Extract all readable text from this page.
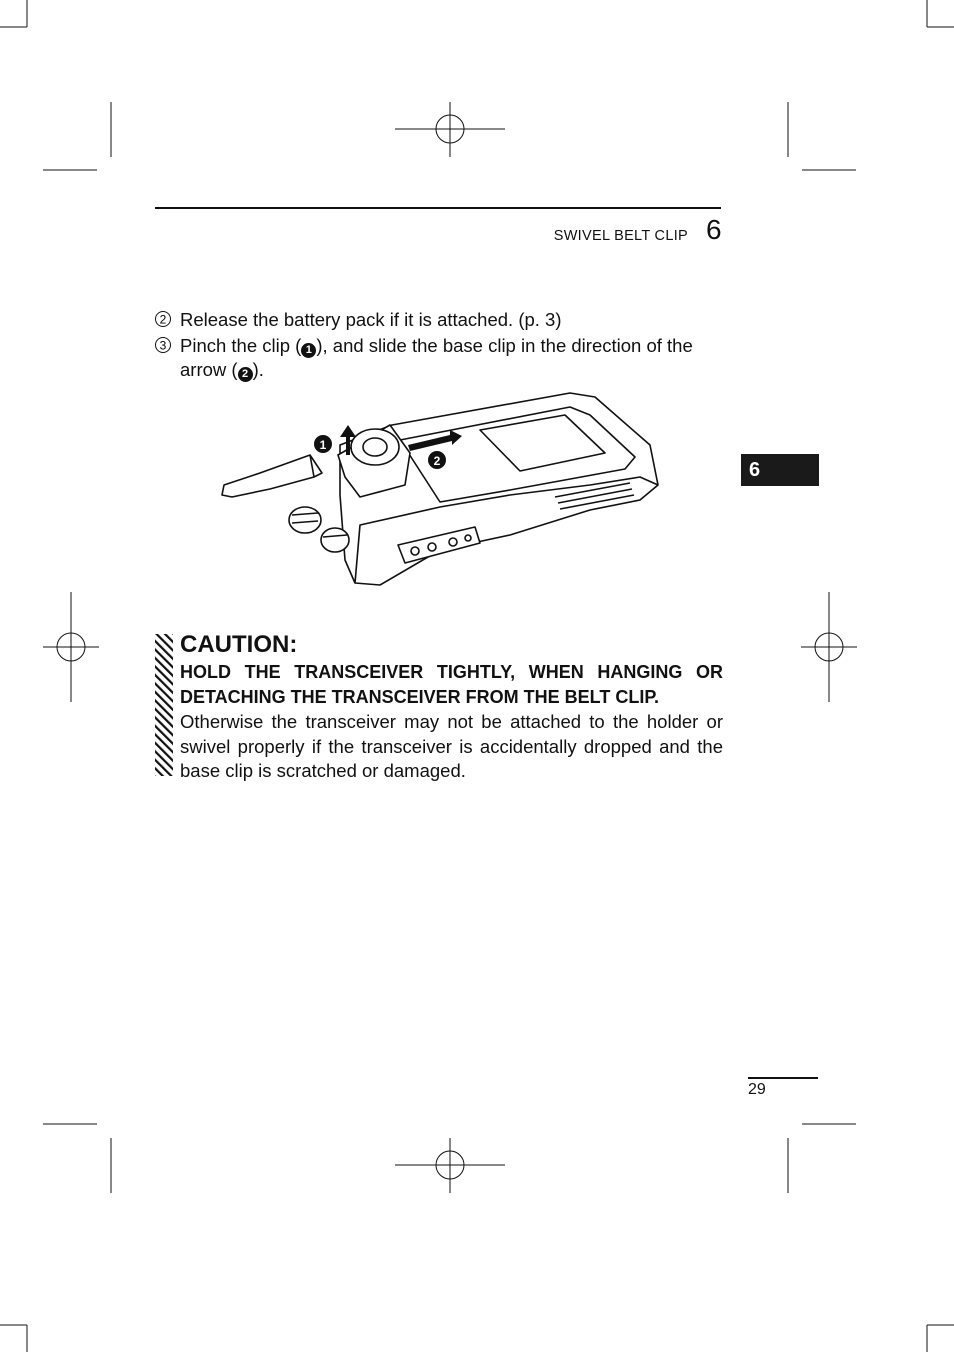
SWIVEL BELT CLIP 6
6
2 Release the battery pack if it is attached. (p. 3)
3 Pinch the clip ( 1 ), and slide the base clip in the direction of the arrow ( 2 ).
1
2
CAUTION:
HOLD THE TRANSCEIVER TIGHTLY, WHEN HANGING OR DETACHING THE TRANSCEIVER FROM THE BELT CLIP.
Otherwise the transceiver may not be attached to the holder or swivel properly if the transceiver is accidentally dropped and the base clip is scratched or damaged.
29
